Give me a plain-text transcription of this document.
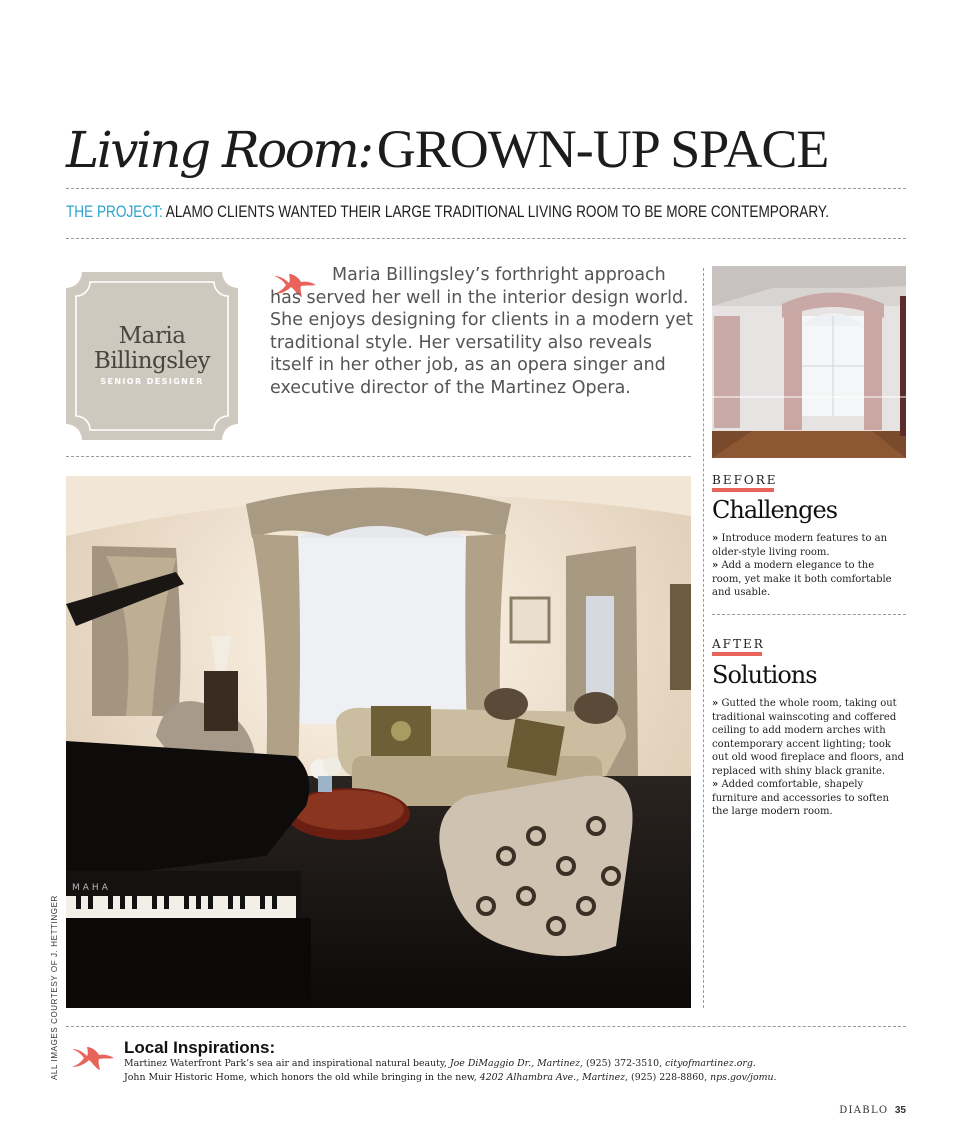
Living Room: GROWN-UP SPACE
THE PROJECT: ALAMO CLIENTS WANTED THEIR LARGE TRADITIONAL LIVING ROOM TO BE MORE CONTEMPORARY.
Maria
Billingsley
SENIOR DESIGNER
Maria Billingsley’s forthright approach has served her well in the interior design world. She enjoys designing for clients in a modern yet traditional style. Her versatility also reveals itself in her other job, as an opera singer and executive director of the Martinez Opera.
BEFORE
Challenges
» Introduce modern features to an older-style living room.
» Add a modern elegance to the room, yet make it both comfortable and usable.
AFTER
Solutions
» Gutted the whole room, taking out traditional wainscoting and coffered ceiling to add modern arches with contemporary accent lighting; took out old wood fireplace and floors, and replaced with shiny black granite.
» Added comfortable, shapely furniture and accessories to soften the large modern room.
MAHA
ALL IMAGES COURTESY OF J. HETTINGER	Local Inspirations:
Martinez Waterfront Park’s sea air and inspirational natural beauty, Joe DiMaggio Dr., Martinez, (925) 372-3510, cityofmartinez.org.
John Muir Historic Home, which honors the old while bringing in the new, 4202 Alhambra Ave., Martinez, (925) 228-8860, nps.gov/jomu.
DIABLO 35
